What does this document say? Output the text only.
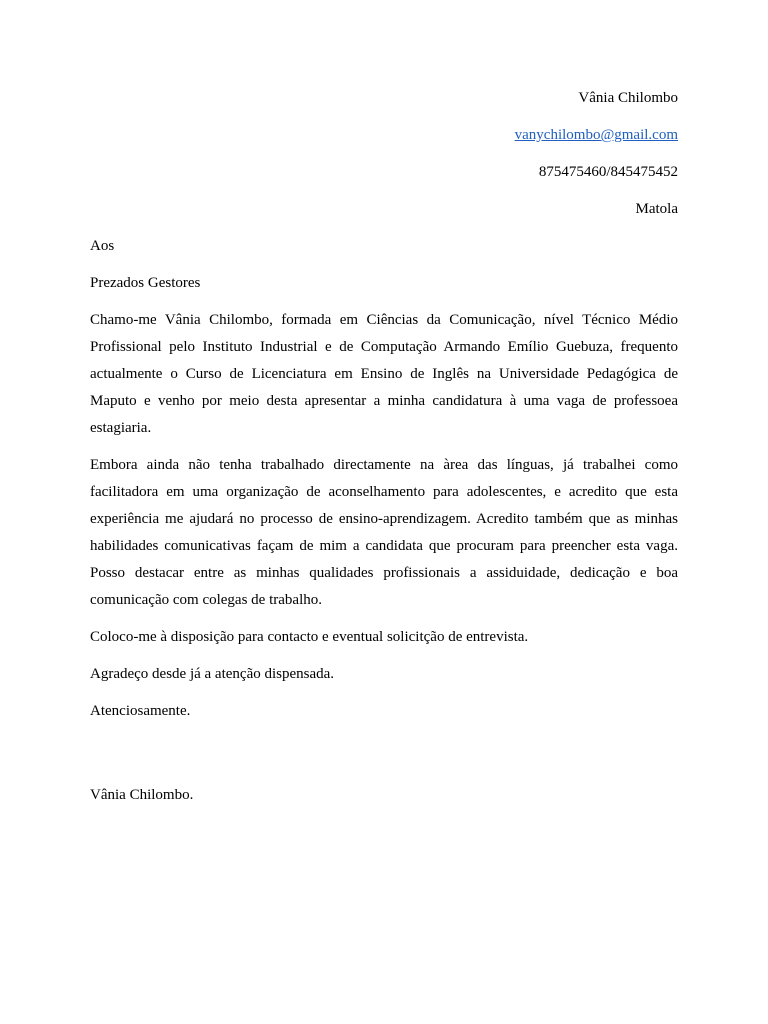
Vânia Chilombo
vanychilombo@gmail.com
875475460/845475452
Matola

Aos

Prezados Gestores

Chamo-me Vânia Chilombo, formada em Ciências da Comunicação, nível Técnico Médio Profissional pelo Instituto Industrial e de Computação Armando Emílio Guebuza, frequento actualmente o Curso de Licenciatura em Ensino de Inglês na Universidade Pedagógica de Maputo e venho por meio desta apresentar a minha candidatura à uma vaga de professoea estagiaria.

Embora ainda não tenha trabalhado directamente na àrea das línguas, já trabalhei como facilitadora em uma organização de aconselhamento para adolescentes, e acredito que esta experiência me ajudará no processo de ensino-aprendizagem. Acredito também que as minhas habilidades comunicativas façam de mim a candidata que procuram para preencher esta vaga. Posso destacar entre as minhas qualidades profissionais a assiduidade, dedicação e boa comunicação com colegas de trabalho.

Coloco-me à disposição para contacto e eventual solicitção de entrevista.

Agradeço desde já a atenção dispensada.

Atenciosamente.

Vânia Chilombo.
